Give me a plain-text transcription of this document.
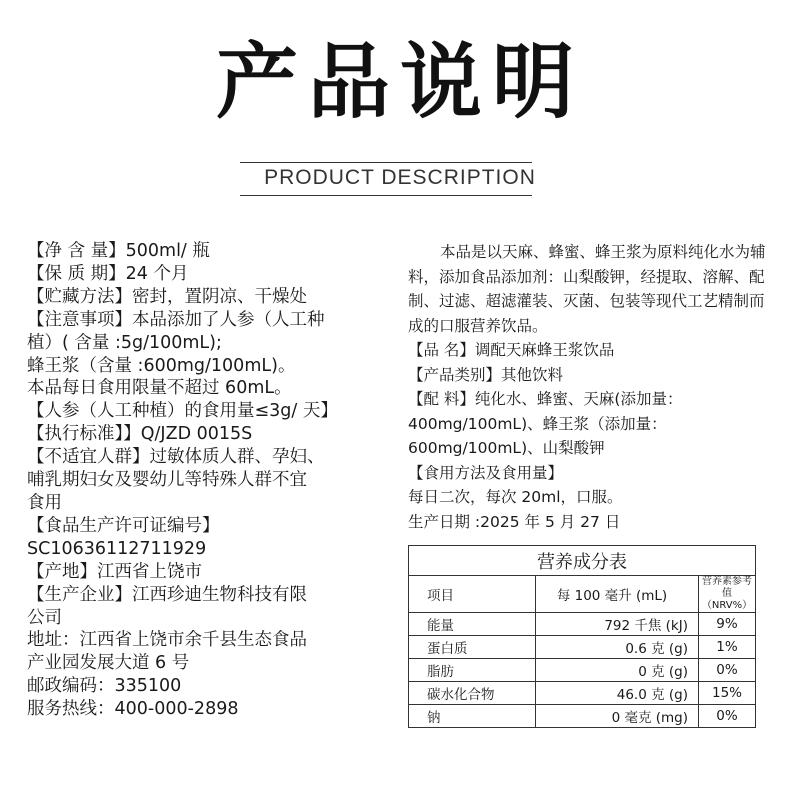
产品说明
PRODUCT DESCRIPTION
【净 含 量】500ml/ 瓶
【保 质 期】24 个月
【贮藏方法】密封，置阴凉、干燥处
【注意事项】本品添加了人参（人工种
植）( 含量 :5g/100mL);
蜂王浆（含量 :600mg/100mL)。
本品每日食用限量不超过 60mL。
【人参（人工种植）的食用量≤3g/ 天】
【执行标准】】Q/JZD 0015S
【不适宜人群】过敏体质人群、孕妇、
哺乳期妇女及婴幼儿等特殊人群不宜
食用
【食品生产许可证编号】
SC10636112711929
【产地】江西省上饶市
【生产企业】江西珍迪生物科技有限
公司
地址：江西省上饶市余千县生态食品
产业园发展大道 6 号
邮政编码：335100
服务热线：400-000-2898
本品是以天麻、蜂蜜、蜂王浆为原料纯化水为辅料，添加食品添加剂：山梨酸钾，经提取、溶解、配制、过滤、超滤灌装、灭菌、包装等现代工艺精制而成的口服营养饮品。
【品 名】调配天麻蜂王浆饮品
【产品类别】其他饮料
【配 料】纯化水、蜂蜜、天麻(添加量：
400mg/100mL)、蜂王浆（添加量：
600mg/100mL)、山梨酸钾
【食用方法及食用量】
每日二次，每次 20ml，口服。
生产日期 :2025 年 5 月 27 日
营养成分表		
项目	每 100 毫升 (mL)	营养素参考值
（NRV%）

能量	792 千焦 (kJ)	9%
蛋白质	0.6 克 (g)	1%
脂肪	0 克 (g)	0%
碳水化合物	46.0 克 (g)	15%
钠	0 毫克 (mg)	0%
